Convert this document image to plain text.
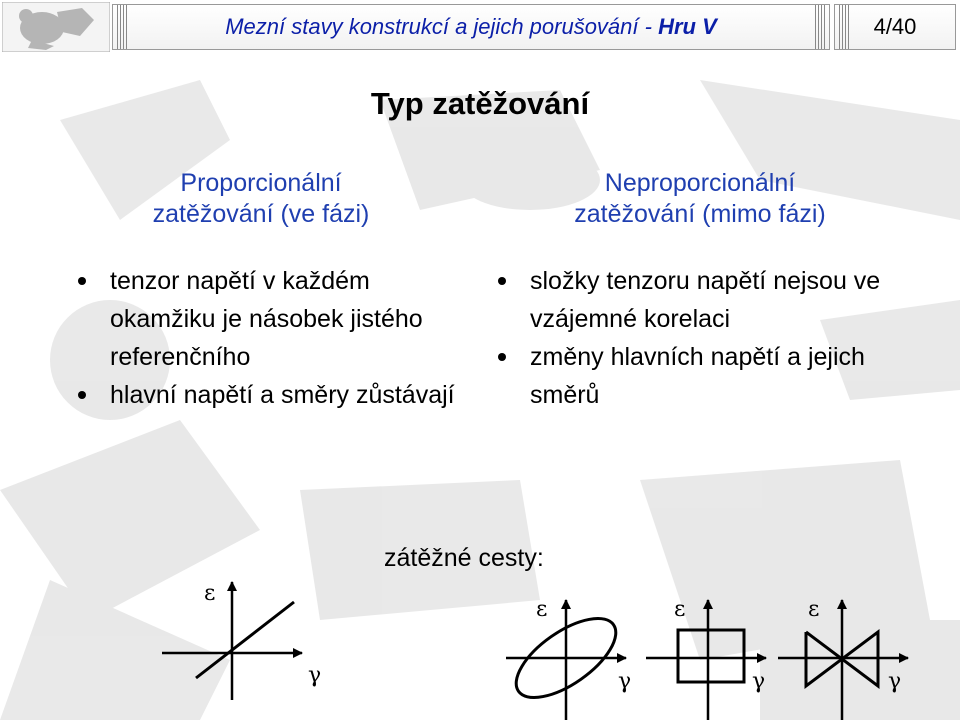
Mezní stavy konstrukcí a jejich porušování - Hru V	4/40
Typ zatěžování
Proporcionální
zatěžování (ve fázi)
Neproporcionální
zatěžování (mimo fázi)
tenzor napětí v každém okamžiku je násobek jistého referenčního
hlavní napětí a směry zůstávají
složky tenzoru napětí nejsou ve vzájemné korelaci
změny hlavních napětí a jejich směrů
zátěžné cesty:
ε
γ
ε
γ
ε
γ
ε
γ
